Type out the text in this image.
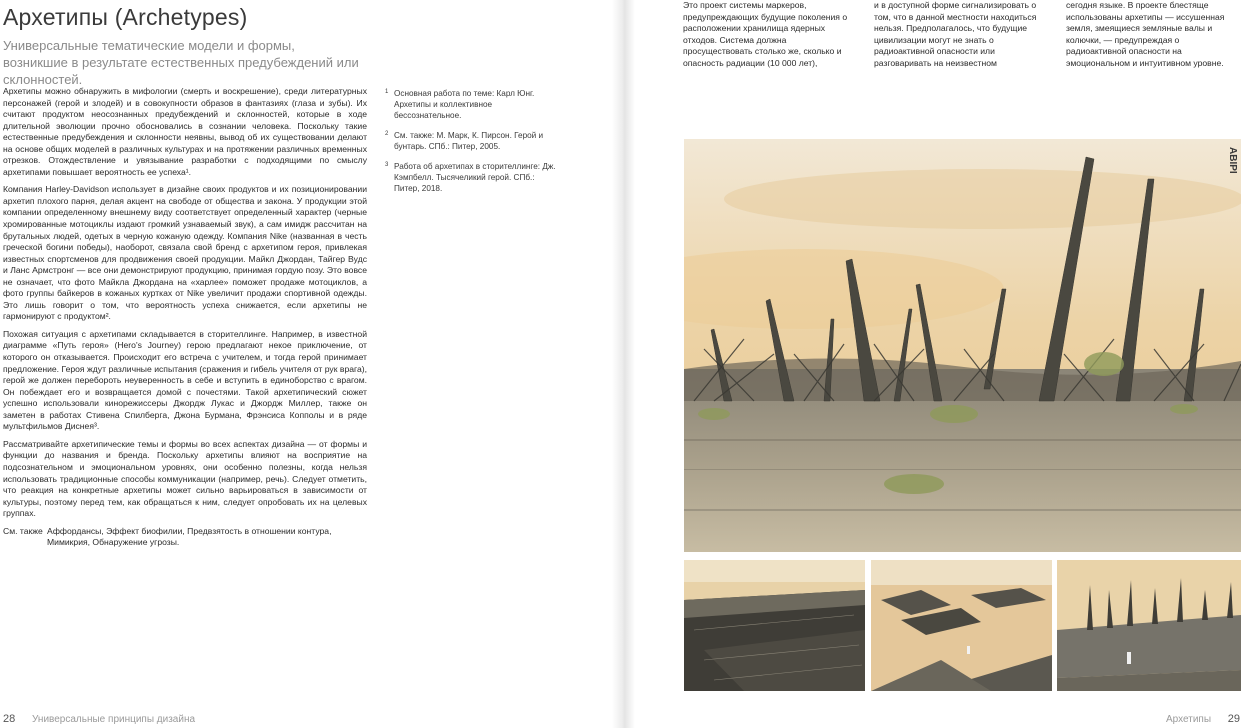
Архетипы (Archetypes)

Универсальные тематические модели и формы, возникшие в результате естественных предубеждений или склонностей.

Архетипы можно обнаружить в мифологии (смерть и воскрешение), среди литературных персонажей (герой и злодей) и в совокупности образов в фантазиях (глаза и зубы). Их считают продуктом неосознанных предубеждений и склонностей, которые в ходе длительной эволюции прочно обосновались в сознании человека. Поскольку такие естественные предубеждения и склонности неявны, вывод об их существовании делают на основе общих моделей в различных культурах и на протяжении различных временных отрезков. Отождествление и увязывание разработки с подходящими по смыслу архетипами повышает вероятность ее успеха¹.

Компания Harley-Davidson использует в дизайне своих продуктов и их позиционировании архетип плохого парня, делая акцент на свободе от общества и закона. У продукции этой компании определенному внешнему виду соответствует определенный характер (черные хромированные мотоциклы издают громкий узнаваемый звук), а сам имидж рассчитан на брутальных людей, одетых в черную кожаную одежду. Компания Nike (названная в честь греческой богини победы), наоборот, связала свой бренд с архетипом героя, привлекая известных спортсменов для продвижения своей продукции. Майкл Джордан, Тайгер Вудс и Ланс Армстронг — все они демонстрируют продукцию, принимая гордую позу. Это вовсе не означает, что фото Майкла Джордана на «харлее» поможет продаже мотоциклов, а фото группы байкеров в кожаных куртках от Nike увеличит продажи спортивной одежды. Это лишь говорит о том, что вероятность успеха снижается, если архетипы не гармонируют с продуктом².

Похожая ситуация с архетипами складывается в сторителлинге. Например, в известной диаграмме «Путь героя» (Hero's Journey) герою предлагают некое приключение, от которого он отказывается. Происходит его встреча с учителем, и тогда герой принимает предложение. Героя ждут различные испытания (сражения и гибель учителя от рук врага), герой же должен перебороть неуверенность в себе и вступить в единоборство с врагом. Он побеждает его и возвращается домой с почестями. Такой архетипический сюжет успешно использовали кинорежиссеры Джордж Лукас и Джордж Миллер, также он заметен в работах Стивена Спилберга, Джона Бурмана, Фрэнсиса Копполы и в ряде мультфильмов Диснея³.

Рассматривайте архетипические темы и формы во всех аспектах дизайна — от формы и функции до названия и бренда. Поскольку архетипы влияют на восприятие на подсознательном и эмоциональном уровнях, они особенно полезны, когда нельзя использовать традиционные способы коммуникации (например, речь). Следует отметить, что реакция на конкретные архетипы может сильно варьироваться в зависимости от культуры, поэтому перед тем, как обращаться к ним, следует опробовать их на целевых группах.

См. также Аффордансы, Эффект биофилии, Предвзятость в отношении контура, Мимикрия, Обнаружение угрозы.
1 Основная работа по теме: Карл Юнг. Архетипы и коллективное бессознательное.
2 См. также: М. Марк, К. Пирсон. Герой и бунтарь. СПб.: Питер, 2005.
3 Работа об архетипах в сторителлинге: Дж. Кэмпбелл. Тысячеликий герой. СПб.: Питер, 2018.
28 Универсальные принципы дизайна

Это проект системы маркеров, предупреждающих будущие поколения о расположении хранилища ядерных отходов. Система должна просуществовать столько же, сколько и опасность радиации (10 000 лет),

и в доступной форме сигнализировать о том, что в данной местности находиться нельзя. Предполагалось, что будущие цивилизации могут не знать о радиоактивной опасности или разговаривать на неизвестном

сегодня языке. В проекте блестяще использованы архетипы — иссушенная земля, змеящиеся земляные валы и колючки, — предупреждая о радиоактивной опасности на эмоциональном и интуитивном уровне.

ABIPI
Архетипы 29
